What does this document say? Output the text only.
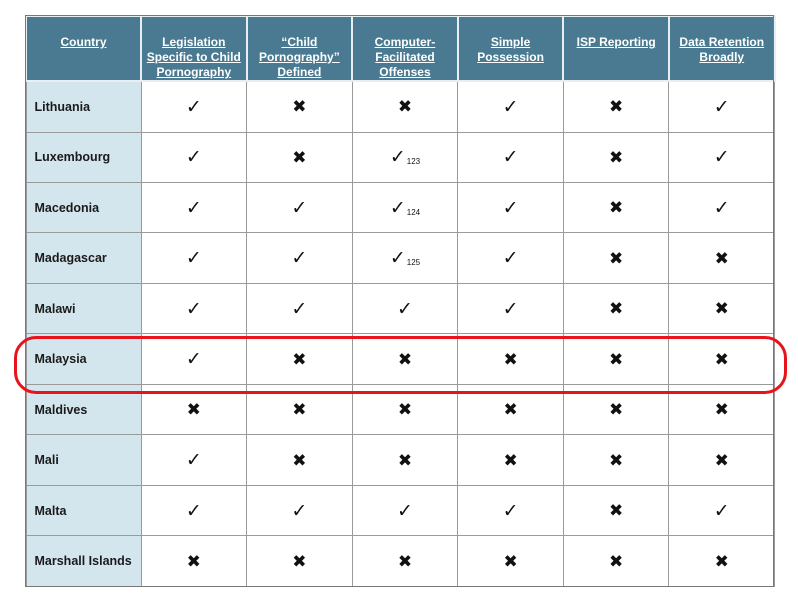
Country	Legislation Specific to Child Pornography	“Child Pornography” Defined	Computer-Facilitated Offenses	Simple Possession	ISP Reporting	Data Retention Broadly
Lithuania	✓	✖	✖	✓	✖	✓
Luxembourg	✓	✖	✓123	✓	✖	✓
Macedonia	✓	✓	✓124	✓	✖	✓
Madagascar	✓	✓	✓125	✓	✖	✖
Malawi	✓	✓	✓	✓	✖	✖
Malaysia	✓	✖	✖	✖	✖	✖
Maldives	✖	✖	✖	✖	✖	✖
Mali	✓	✖	✖	✖	✖	✖
Malta	✓	✓	✓	✓	✖	✓
Marshall Islands	✖	✖	✖	✖	✖	✖
